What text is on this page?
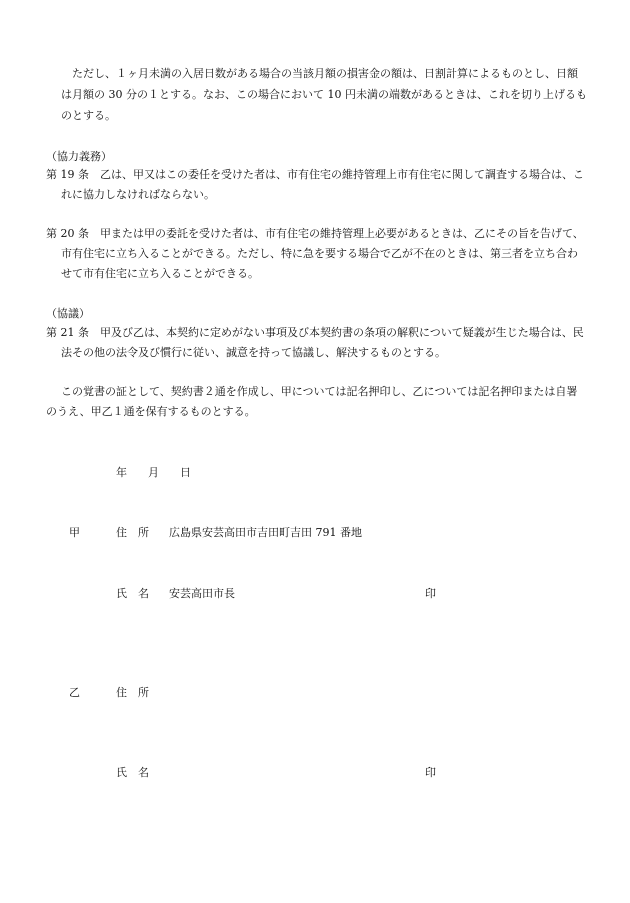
ただし、１ヶ月未満の入居日数がある場合の当該月額の損害金の額は、日割計算によるものとし、日額
は月額の 30 分の１とする。なお、この場合において 10 円未満の端数があるときは、これを切り上げるも
のとする。
（協力義務）
第 19 条　乙は、甲又はこの委任を受けた者は、市有住宅の維持管理上市有住宅に関して調査する場合は、こ
れに協力しなければならない。
第 20 条　甲または甲の委託を受けた者は、市有住宅の維持管理上必要があるときは、乙にその旨を告げて、
市有住宅に立ち入ることができる。ただし、特に急を要する場合で乙が不在のときは、第三者を立ち合わ
せて市有住宅に立ち入ることができる。
（協議）
第 21 条　甲及び乙は、本契約に定めがない事項及び本契約書の条項の解釈について疑義が生じた場合は、民
法その他の法令及び慣行に従い、誠意を持って協議し、解決するものとする。
この覚書の証として、契約書２通を作成し、甲については記名押印し、乙については記名押印または自署
のうえ、甲乙１通を保有するものとする。
年 月 日
甲	住　所 広島県安芸高田市吉田町吉田 791 番地
氏　名 安芸高田市長	印
乙	住　所
氏　名	印
